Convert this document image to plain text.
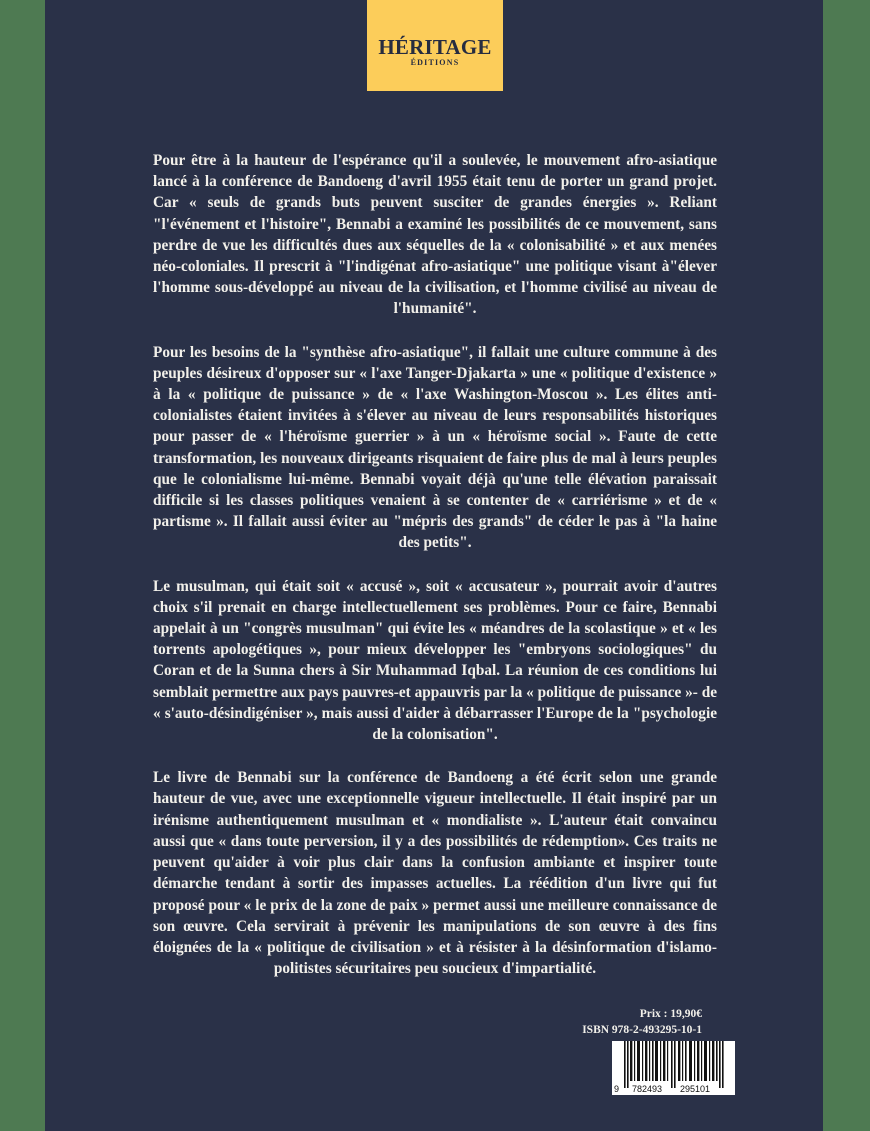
HÉRITAGE
ÉDITIONS

Pour être à la hauteur de l'espérance qu'il a soulevée, le mouvement afro-asiatique lancé à la conférence de Bandoeng d'avril 1955 était tenu de porter un grand projet. Car « seuls de grands buts peuvent susciter de grandes énergies ». Reliant "l'événement et l'histoire", Bennabi a examiné les possibilités de ce mouvement, sans perdre de vue les difficultés dues aux séquelles de la « colonisabilité » et aux menées néo-coloniales. Il prescrit à "l'indigénat afro-asiatique" une politique visant à"élever l'homme sous-développé au niveau de la civilisation, et l'homme civilisé au niveau de l'humanité".

Pour les besoins de la "synthèse afro-asiatique", il fallait une culture commune à des peuples désireux d'opposer sur « l'axe Tanger-Djakarta » une « politique d'existence » à la « politique de puissance » de « l'axe Washington-Moscou ». Les élites anti-colonialistes étaient invitées à s'élever au niveau de leurs responsabilités historiques pour passer de « l'héroïsme guerrier » à un « héroïsme social ». Faute de cette transformation, les nouveaux dirigeants risquaient de faire plus de mal à leurs peuples que le colonialisme lui-même. Bennabi voyait déjà qu'une telle élévation paraissait difficile si les classes politiques venaient à se contenter de « carriérisme » et de « partisme ». Il fallait aussi éviter au "mépris des grands" de céder le pas à "la haine des petits".

Le musulman, qui était soit « accusé », soit « accusateur », pourrait avoir d'autres choix s'il prenait en charge intellectuellement ses problèmes. Pour ce faire, Bennabi appelait à un "congrès musulman" qui évite les « méandres de la scolastique » et « les torrents apologétiques », pour mieux développer les "embryons sociologiques" du Coran et de la Sunna chers à Sir Muhammad Iqbal. La réunion de ces conditions lui semblait permettre aux pays pauvres-et appauvris par la « politique de puissance »- de « s'auto-désindigéniser », mais aussi d'aider à débarrasser l'Europe de la "psychologie de la colonisation".

Le livre de Bennabi sur la conférence de Bandoeng a été écrit selon une grande hauteur de vue, avec une exceptionnelle vigueur intellectuelle. Il était inspiré par un irénisme authentiquement musulman et « mondialiste ». L'auteur était convaincu aussi que « dans toute perversion, il y a des possibilités de rédemption». Ces traits ne peuvent qu'aider à voir plus clair dans la confusion ambiante et inspirer toute démarche tendant à sortir des impasses actuelles. La réédition d'un livre qui fut proposé pour « le prix de la zone de paix » permet aussi une meilleure connaissance de son œuvre. Cela servirait à prévenir les manipulations de son œuvre à des fins éloignées de la « politique de civilisation » et à résister à la désinformation d'islamo-politistes sécuritaires peu soucieux d'impartialité.

Prix : 19,90€
ISBN 978-2-493295-10-1
9 782493 295101
